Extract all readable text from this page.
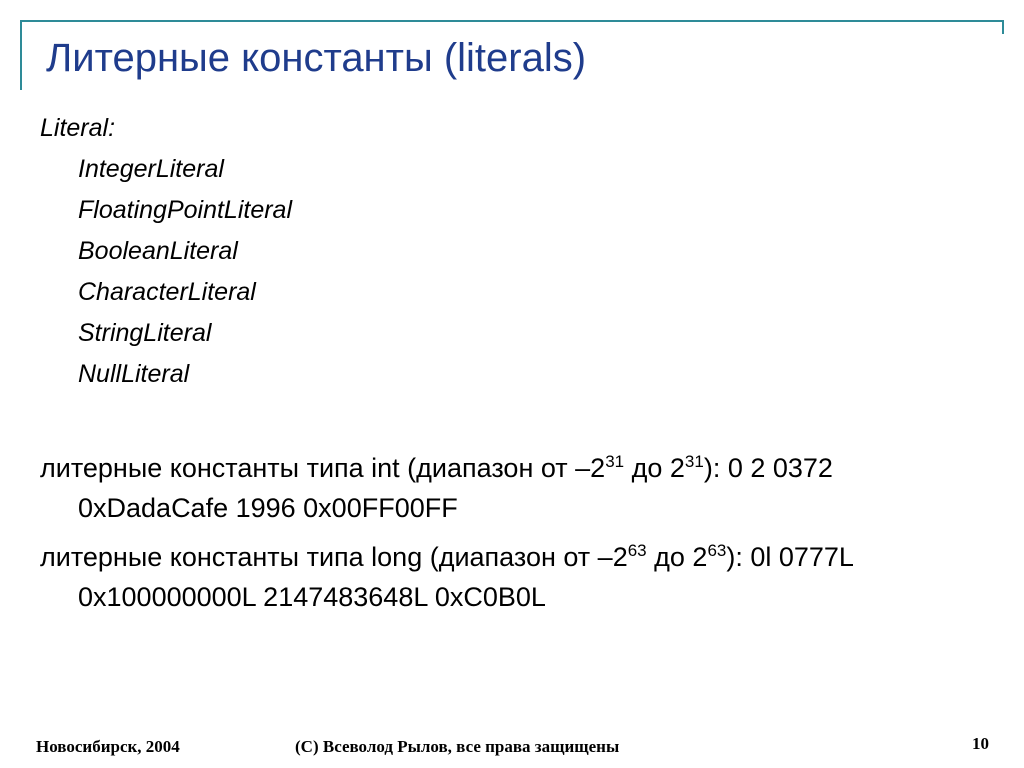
Литерные константы (literals)
Literal:
IntegerLiteral
FloatingPointLiteral
BooleanLiteral
CharacterLiteral
StringLiteral
NullLiteral
литерные константы типа int (диапазон от $-2^{31}$ до $2^{31}$): 0 2 0372 0xDadaCafe 1996 0x00FF00FF
литерные константы типа long (диапазон от $-2^{63}$ до $2^{63}$): 0l 0777L 0x100000000L 2147483648L 0xC0B0L
Новосибирск, 2004	(C) Всеволод Рылов, все права защищены	10
